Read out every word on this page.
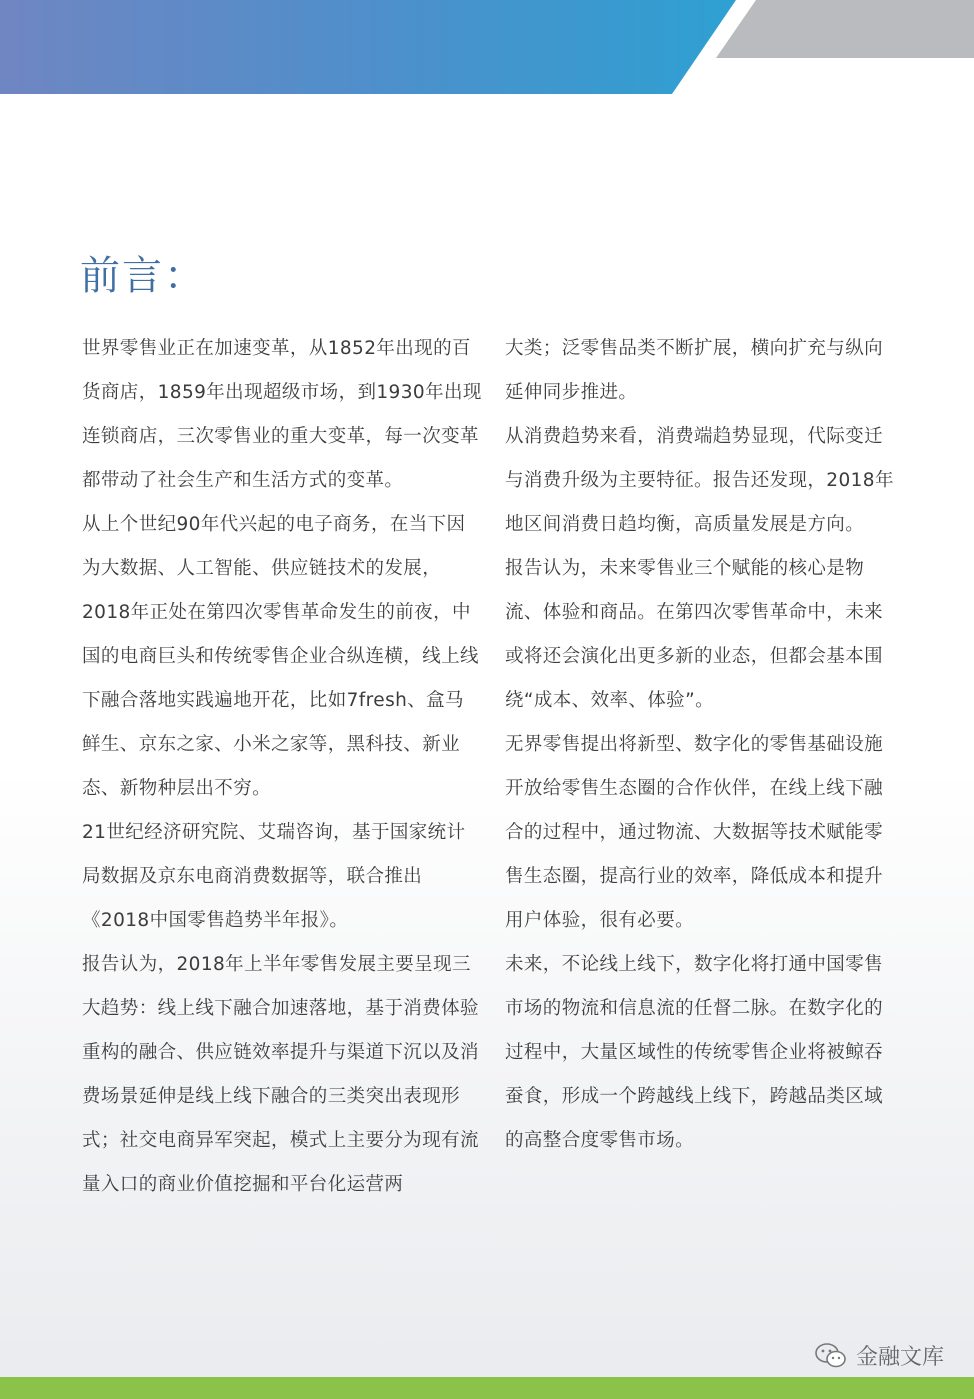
前言：

世界零售业正在加速变革，从1852年出现的百货商店，1859年出现超级市场，到1930年出现连锁商店，三次零售业的重大变革，每一次变革都带动了社会生产和生活方式的变革。

从上个世纪90年代兴起的电子商务，在当下因为大数据、人工智能、供应链技术的发展，2018年正处在第四次零售革命发生的前夜，中国的电商巨头和传统零售企业合纵连横，线上线下融合落地实践遍地开花，比如7fresh、盒马鲜生、京东之家、小米之家等，黑科技、新业态、新物种层出不穷。

21世纪经济研究院、艾瑞咨询，基于国家统计局数据及京东电商消费数据等，联合推出《2018中国零售趋势半年报》。

报告认为，2018年上半年零售发展主要呈现三大趋势：线上线下融合加速落地，基于消费体验重构的融合、供应链效率提升与渠道下沉以及消费场景延伸是线上线下融合的三类突出表现形式；社交电商异军突起，模式上主要分为现有流量入口的商业价值挖掘和平台化运营两

大类；泛零售品类不断扩展，横向扩充与纵向延伸同步推进。

从消费趋势来看，消费端趋势显现，代际变迁与消费升级为主要特征。报告还发现，2018年地区间消费日趋均衡，高质量发展是方向。

报告认为，未来零售业三个赋能的核心是物流、体验和商品。在第四次零售革命中，未来或将还会演化出更多新的业态，但都会基本围绕“成本、效率、体验”。

无界零售提出将新型、数字化的零售基础设施开放给零售生态圈的合作伙伴，在线上线下融合的过程中，通过物流、大数据等技术赋能零售生态圈，提高行业的效率，降低成本和提升用户体验，很有必要。

未来，不论线上线下，数字化将打通中国零售市场的物流和信息流的任督二脉。在数字化的过程中，大量区域性的传统零售企业将被鲸吞蚕食，形成一个跨越线上线下，跨越品类区域的高整合度零售市场。

金融文库
